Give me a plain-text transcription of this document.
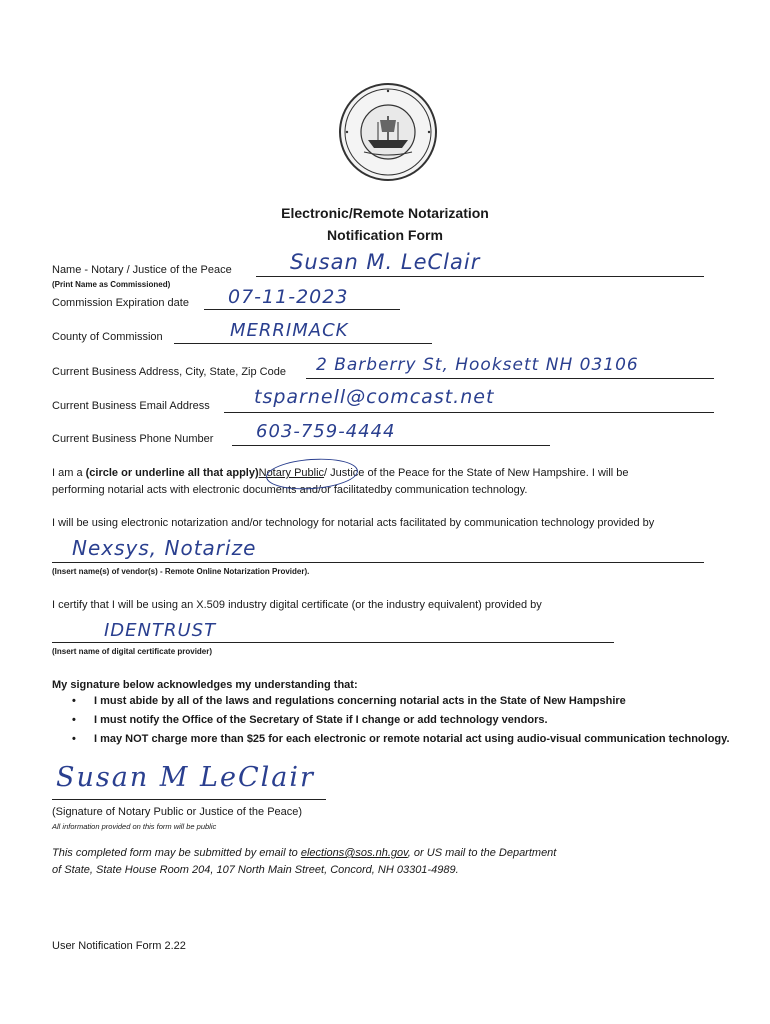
Electronic/Remote Notarization
Notification Form
Name - Notary / Justice of the Peace	Susan M. LeClair
(Print Name as Commissioned)
Commission Expiration date 07-11-2023
County of Commission	MERRIMACK
Current Business Address, City, State, Zip Code 2 Barberry St, Hooksett NH 03106
Current Business Email Address tsparnell@comcast.net
Current Business Phone Number 603-759-4444
I am a (circle or underline all that apply)Notary Public/ Justice of the Peace for the State of New Hampshire. I will be
performing notarial acts with electronic documents and/or facilitatedby communication technology.
I will be using electronic notarization and/or technology for notarial acts facilitated by communication technology provided by
Nexsys, Notarize
(Insert name(s) of vendor(s) - Remote Online Notarization Provider).
I certify that I will be using an X.509 industry digital certificate (or the industry equivalent) provided by
IDENTRUST
(Insert name of digital certificate provider)
My signature below acknowledges my understanding that:
• I must abide by all of the laws and regulations concerning notarial acts in the State of New Hampshire
• I must notify the Office of the Secretary of State if I change or add technology vendors.
• I may NOT charge more than $25 for each electronic or remote notarial act using audio-visual communication technology.
Susan M LeClair
(Signature of Notary Public or Justice of the Peace)
All information provided on this form will be public
This completed form may be submitted by email to elections@sos.nh.gov, or US mail to the Department
of State, State House Room 204, 107 North Main Street, Concord, NH 03301-4989.
User Notification Form 2.22
